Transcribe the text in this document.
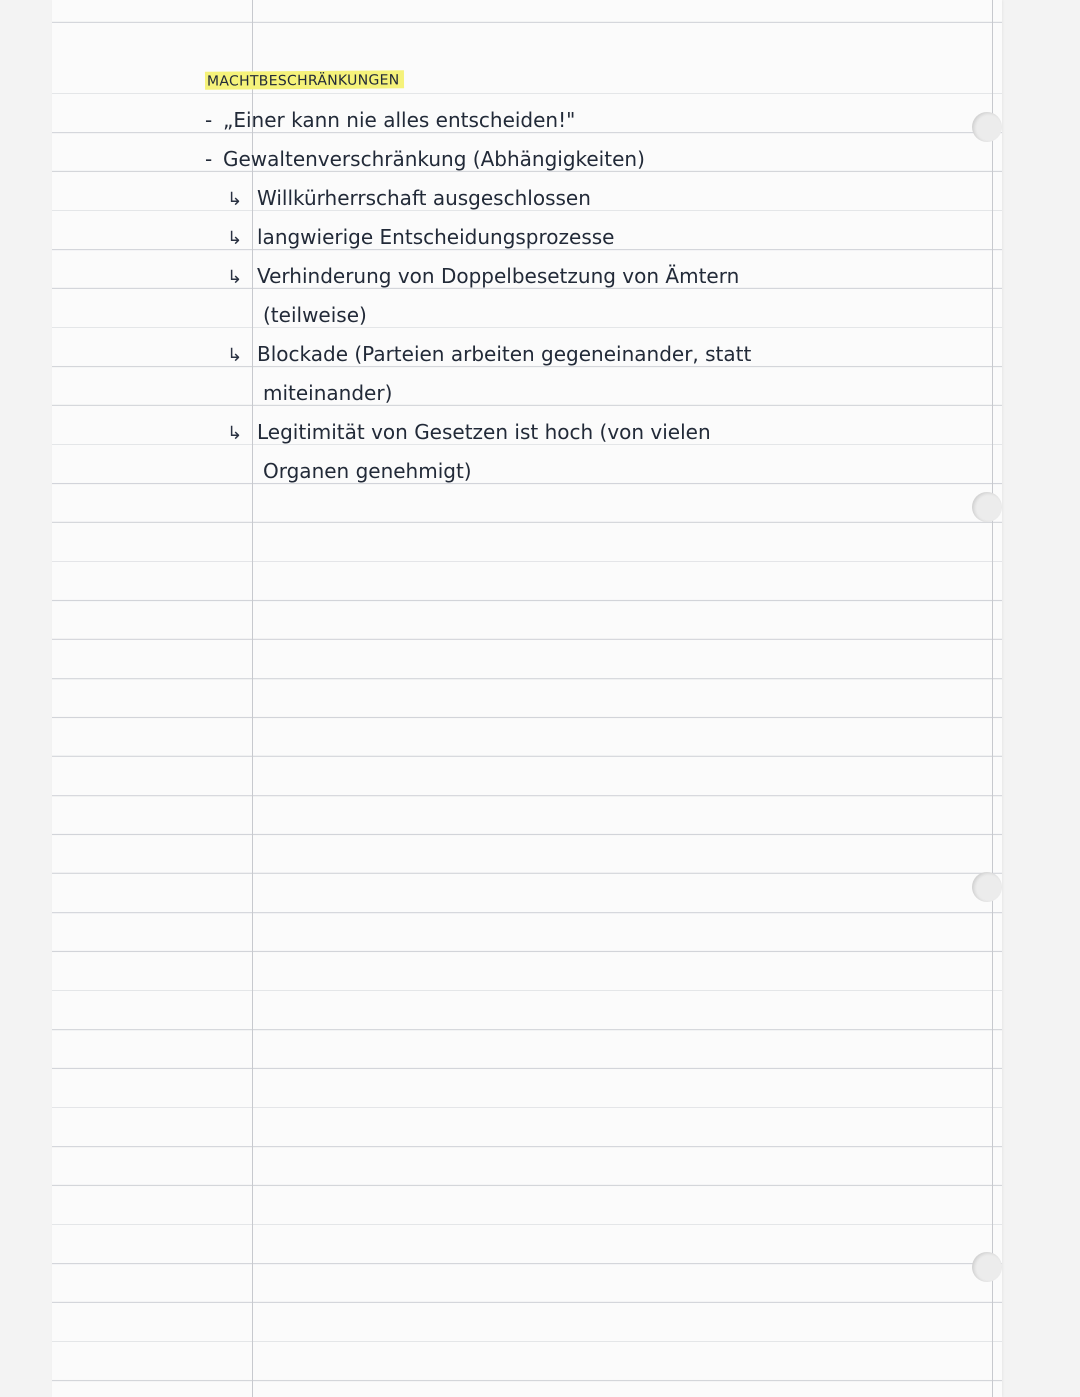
MACHTBESCHRÄNKUNGEN
- „Einer kann nie alles entscheiden!"
- Gewaltenverschränkung (Abhängigkeiten)
↳ Willkürherrschaft ausgeschlossen
↳ langwierige Entscheidungsprozesse
↳ Verhinderung von Doppelbesetzung von Ämtern
(teilweise)
↳ Blockade (Parteien arbeiten gegeneinander, statt
miteinander)
↳ Legitimität von Gesetzen ist hoch (von vielen
Organen genehmigt)
